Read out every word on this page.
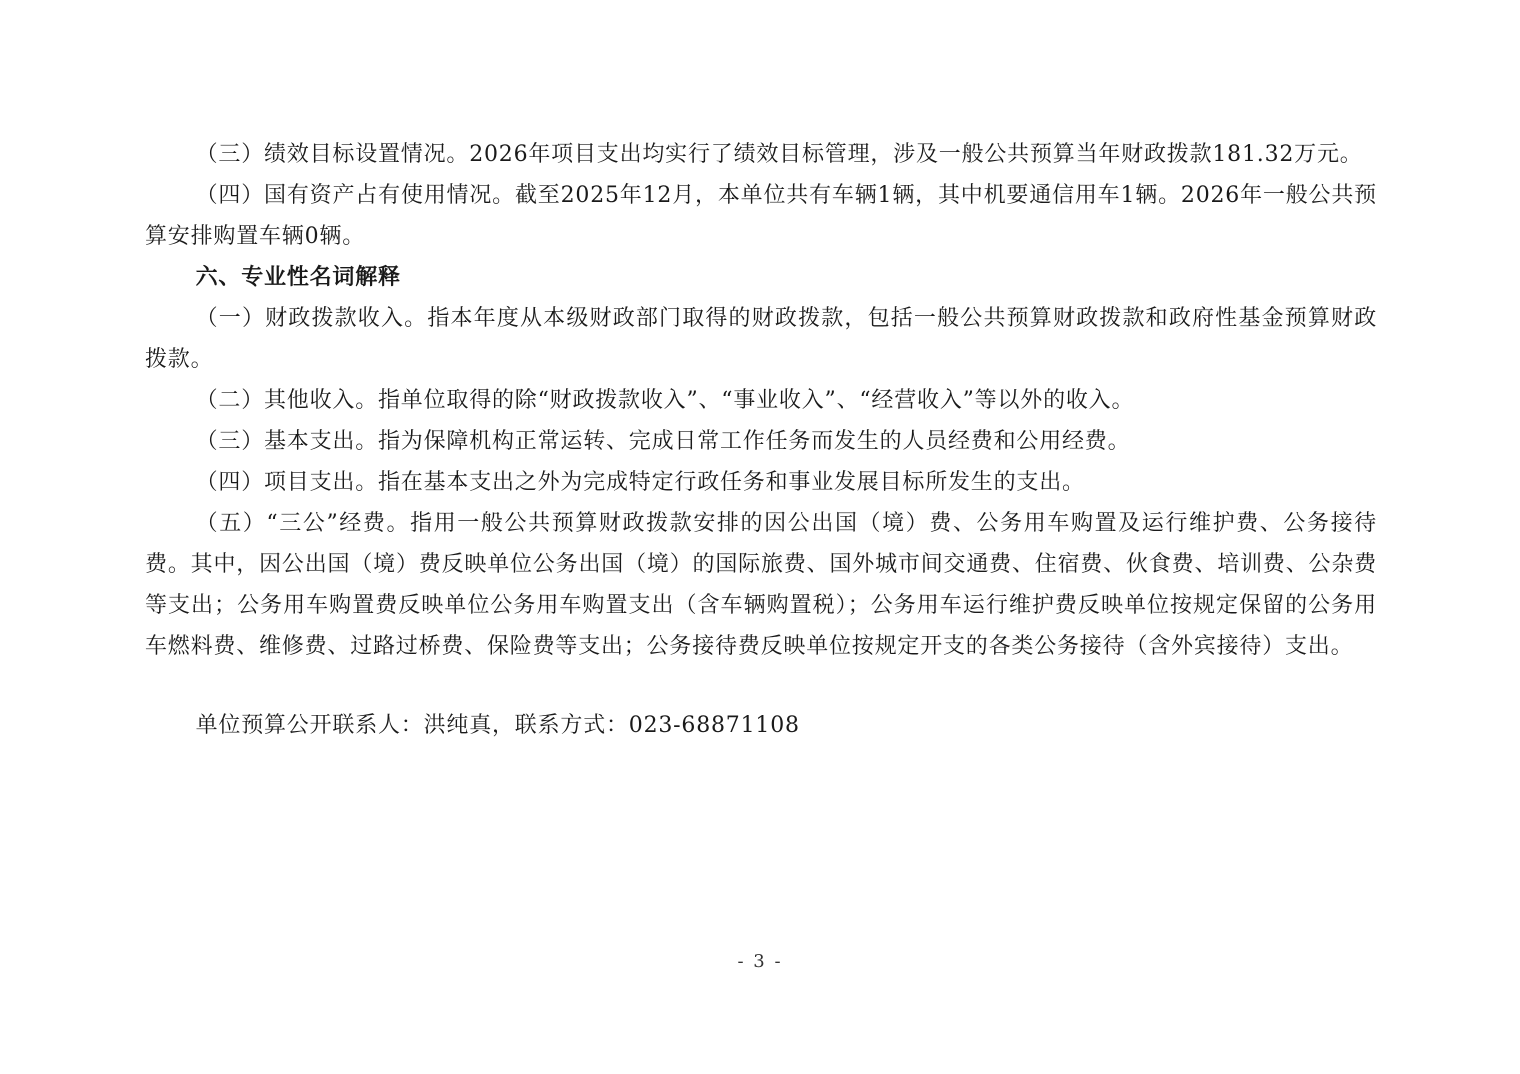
（三）绩效目标设置情况。2026年项目支出均实行了绩效目标管理，涉及一般公共预算当年财政拨款181.32万元。

（四）国有资产占有使用情况。截至2025年12月，本单位共有车辆1辆，其中机要通信用车1辆。2026年一般公共预算安排购置车辆0辆。

六、专业性名词解释

（一）财政拨款收入。指本年度从本级财政部门取得的财政拨款，包括一般公共预算财政拨款和政府性基金预算财政拨款。

（二）其他收入。指单位取得的除“财政拨款收入”、“事业收入”、“经营收入”等以外的收入。

（三）基本支出。指为保障机构正常运转、完成日常工作任务而发生的人员经费和公用经费。

（四）项目支出。指在基本支出之外为完成特定行政任务和事业发展目标所发生的支出。

（五）“三公”经费。指用一般公共预算财政拨款安排的因公出国（境）费、公务用车购置及运行维护费、公务接待费。其中，因公出国（境）费反映单位公务出国（境）的国际旅费、国外城市间交通费、住宿费、伙食费、培训费、公杂费等支出；公务用车购置费反映单位公务用车购置支出（含车辆购置税）；公务用车运行维护费反映单位按规定保留的公务用车燃料费、维修费、过路过桥费、保险费等支出；公务接待费反映单位按规定开支的各类公务接待（含外宾接待）支出。

单位预算公开联系人：洪纯真，联系方式：023-68871108

- 3 -
